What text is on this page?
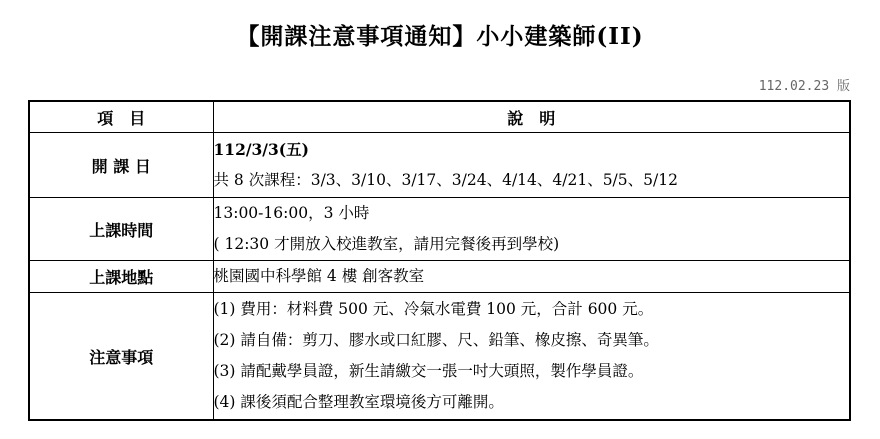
【開課注意事項通知】小小建築師(II)
112.02.23 版
項　目	說　明
開 課 日	112/3/3(五)
共 8 次課程：3/3、3/10、3/17、3/24、4/14、4/21、5/5、5/12

上課時間	13:00-16:00，3 小時
( 12:30 才開放入校進教室，請用完餐後再到學校)

上課地點	桃園國中科學館 4 樓 創客教室

注意事項	(1) 費用：材料費 500 元、冷氣水電費 100 元，合計 600 元。
(2) 請自備：剪刀、膠水或口紅膠、尺、鉛筆、橡皮擦、奇異筆。
(3) 請配戴學員證，新生請繳交一張一吋大頭照，製作學員證。
(4) 課後須配合整理教室環境後方可離開。
